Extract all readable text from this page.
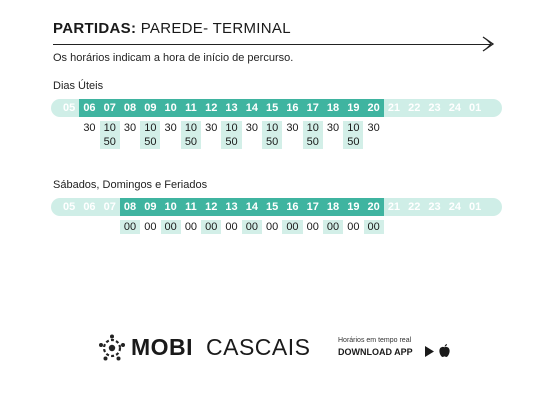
PARTIDAS: PAREDE- TERMINAL
Os horários indicam a hora de início de percurso.
Dias Úteis
05 06 07 08 09 10 11 12 13 14 15 16 17 18 19 20 21 22 23 24 01
30 10
50
30 10
50
30 10
50
30 10
50
30 10
50
30 10
50
30 10
50
30
Sábados, Domingos e Feriados
05 06 07 08 09 10 11 12 13 14 15 16 17 18 19 20 21 22 23 24 01
00 00 00 00 00 00 00 00 00 00 00 00 00
MOBI CASCAIS	Horários em tempo real
DOWNLOAD APP
